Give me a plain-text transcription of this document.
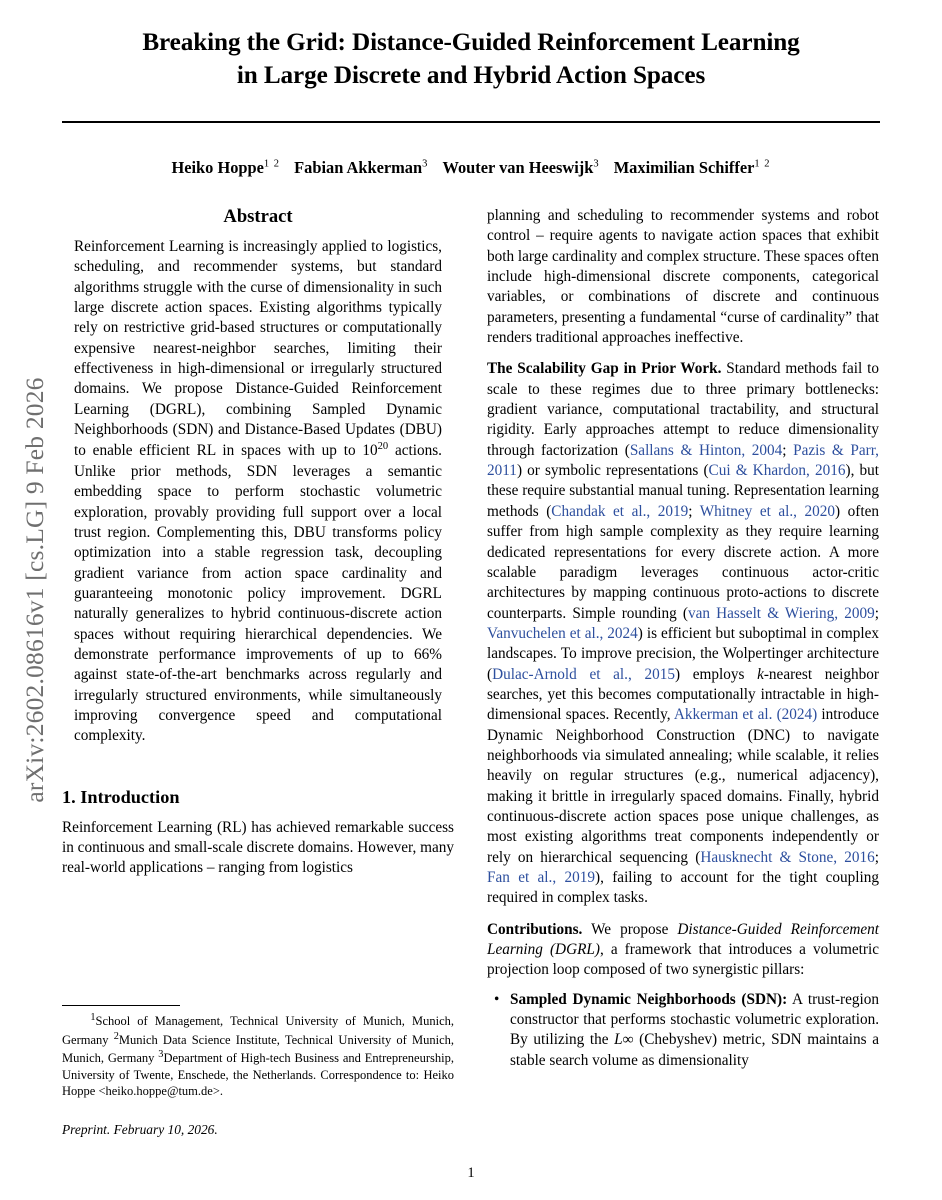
arXiv:2602.08616v1 [cs.LG] 9 Feb 2026
Breaking the Grid: Distance-Guided Reinforcement Learning
in Large Discrete and Hybrid Action Spaces
Heiko Hoppe$^{1 2}$ Fabian Akkerman$^3$ Wouter van Heeswijk$^3$ Maximilian Schiffer$^{1 2}$
Abstract

Reinforcement Learning is increasingly applied to logistics, scheduling, and recommender systems, but standard algorithms struggle with the curse of dimensionality in such large discrete action spaces. Existing algorithms typically rely on restrictive grid-based structures or computationally expensive nearest-neighbor searches, limiting their effectiveness in high-dimensional or irregularly structured domains. We propose Distance-Guided Reinforcement Learning (DGRL), combining Sampled Dynamic Neighborhoods (SDN) and Distance-Based Updates (DBU) to enable efficient RL in spaces with up to $10^{20}$ actions. Unlike prior methods, SDN leverages a semantic embedding space to perform stochastic volumetric exploration, provably providing full support over a local trust region. Complementing this, DBU transforms policy optimization into a stable regression task, decoupling gradient variance from action space cardinality and guaranteeing monotonic policy improvement. DGRL naturally generalizes to hybrid continuous-discrete action spaces without requiring hierarchical dependencies. We demonstrate performance improvements of up to 66% against state-of-the-art benchmarks across regularly and irregularly structured environments, while simultaneously improving convergence speed and computational complexity.

1. Introduction

Reinforcement Learning (RL) has achieved remarkable success in continuous and small-scale discrete domains. However, many real-world applications – ranging from logistics

$^1$School of Management, Technical University of Munich, Munich, Germany $^2$Munich Data Science Institute, Technical University of Munich, Munich, Germany $^3$Department of High-tech Business and Entrepreneurship, University of Twente, Enschede, the Netherlands. Correspondence to: Heiko Hoppe <heiko.hoppe@tum.de>.

Preprint. February 10, 2026.

planning and scheduling to recommender systems and robot control – require agents to navigate action spaces that exhibit both large cardinality and complex structure. These spaces often include high-dimensional discrete components, categorical variables, or combinations of discrete and continuous parameters, presenting a fundamental “curse of cardinality” that renders traditional approaches ineffective.

The Scalability Gap in Prior Work. Standard methods fail to scale to these regimes due to three primary bottlenecks: gradient variance, computational tractability, and structural rigidity. Early approaches attempt to reduce dimensionality through factorization (Sallans & Hinton, 2004; Pazis & Parr, 2011) or symbolic representations (Cui & Khardon, 2016), but these require substantial manual tuning. Representation learning methods (Chandak et al., 2019; Whitney et al., 2020) often suffer from high sample complexity as they require learning dedicated representations for every discrete action. A more scalable paradigm leverages continuous actor-critic architectures by mapping continuous proto-actions to discrete counterparts. Simple rounding (van Hasselt & Wiering, 2009; Vanvuchelen et al., 2024) is efficient but suboptimal in complex landscapes. To improve precision, the Wolpertinger architecture (Dulac-Arnold et al., 2015) employs k-nearest neighbor searches, yet this becomes computationally intractable in high-dimensional spaces. Recently, Akkerman et al. (2024) introduce Dynamic Neighborhood Construction (DNC) to navigate neighborhoods via simulated annealing; while scalable, it relies heavily on regular structures (e.g., numerical adjacency), making it brittle in irregularly spaced domains. Finally, hybrid continuous-discrete action spaces pose unique challenges, as most existing algorithms treat components independently or rely on hierarchical sequencing (Hausknecht & Stone, 2016; Fan et al., 2019), failing to account for the tight coupling required in complex tasks.

Contributions. We propose Distance-Guided Reinforcement Learning (DGRL), a framework that introduces a volumetric projection loop composed of two synergistic pillars:

• Sampled Dynamic Neighborhoods (SDN): A trust-region constructor that performs stochastic volumetric exploration. By utilizing the L∞ (Chebyshev) metric, SDN maintains a stable search volume as dimensionality
1
